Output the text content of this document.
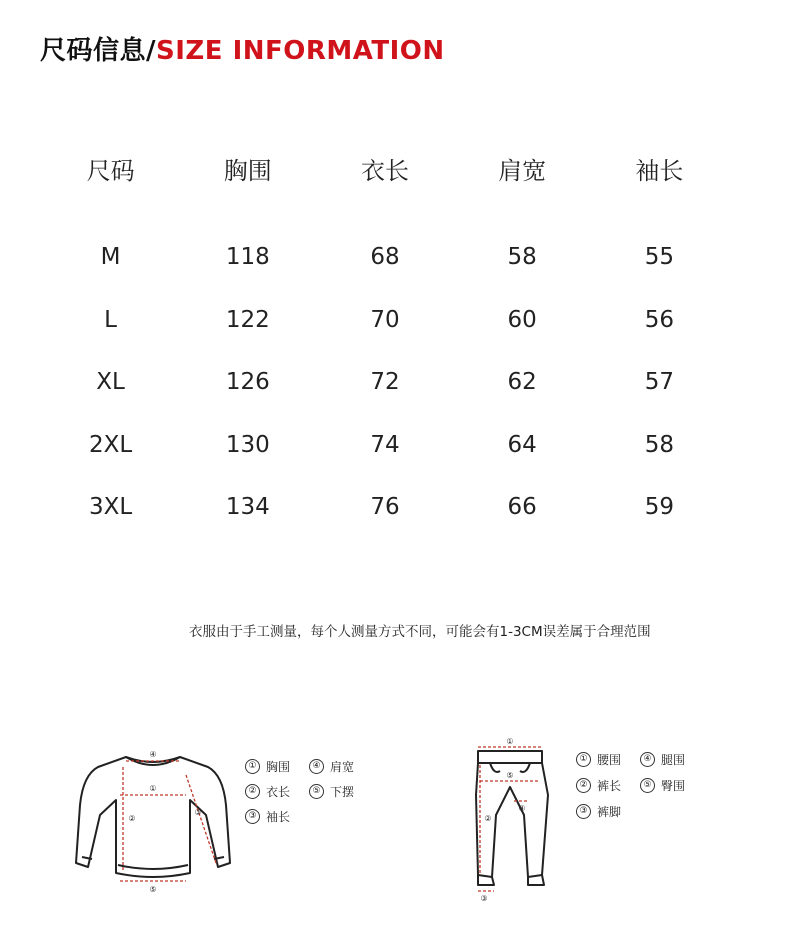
尺码信息/SIZE INFORMATION
尺码	胸围	衣长	肩宽	袖长
M	118	68	58	55
L	122	70	60	56
XL	126	72	62	57
2XL	130	74	64	58
3XL	134	76	66	59
衣服由于手工测量，每个人测量方式不同，可能会有1-3CM误差属于合理范围
④
①
②
③
⑤
① 胸围	④ 肩宽
② 衣长	⑤ 下摆
③ 袖长
①
⑤
②
④
③
① 腰围	④ 腿围
② 裤长	⑤ 臀围
③ 裤脚
